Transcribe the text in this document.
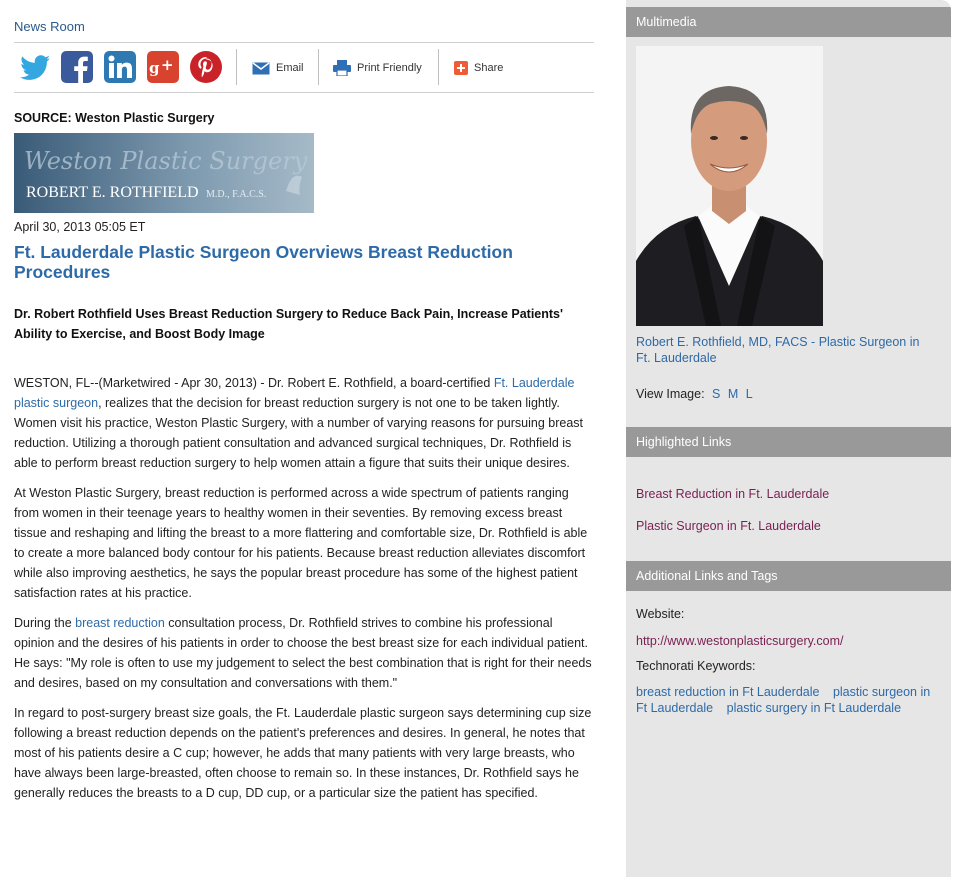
News Room
g +	Email	Print Friendly	Share
SOURCE: Weston Plastic Surgery
Weston Plastic Surgery
ROBERT E. ROTHFIELD M.D., F.A.C.S.
April 30, 2013 05:05 ET
Ft. Lauderdale Plastic Surgeon Overviews Breast Reduction Procedures
Dr. Robert Rothfield Uses Breast Reduction Surgery to Reduce Back Pain, Increase Patients' Ability to Exercise, and Boost Body Image

WESTON, FL--(Marketwired - Apr 30, 2013) - Dr. Robert E. Rothfield, a board-certified Ft. Lauderdale plastic surgeon, realizes that the decision for breast reduction surgery is not one to be taken lightly. Women visit his practice, Weston Plastic Surgery, with a number of varying reasons for pursuing breast reduction. Utilizing a thorough patient consultation and advanced surgical techniques, Dr. Rothfield is able to perform breast reduction surgery to help women attain a figure that suits their unique desires.

At Weston Plastic Surgery, breast reduction is performed across a wide spectrum of patients ranging from women in their teenage years to healthy women in their seventies. By removing excess breast tissue and reshaping and lifting the breast to a more flattering and comfortable size, Dr. Rothfield is able to create a more balanced body contour for his patients. Because breast reduction alleviates discomfort while also improving aesthetics, he says the popular breast procedure has some of the highest patient satisfaction rates at his practice.

During the breast reduction consultation process, Dr. Rothfield strives to combine his professional opinion and the desires of his patients in order to choose the best breast size for each individual patient. He says: "My role is often to use my judgement to select the best combination that is right for their needs and desires, based on my consultation and conversations with them."

In regard to post-surgery breast size goals, the Ft. Lauderdale plastic surgeon says determining cup size following a breast reduction depends on the patient's preferences and desires. In general, he notes that most of his patients desire a C cup; however, he adds that many patients with very large breasts, who have always been large-breasted, often choose to remain so. In these instances, Dr. Rothfield says he generally reduces the breasts to a D cup, DD cup, or a particular size the patient has specified.

Multimedia
Robert E. Rothfield, MD, FACS - Plastic Surgeon in Ft. Lauderdale
View Image: S M L
Highlighted Links
Breast Reduction in Ft. Lauderdale
Plastic Surgeon in Ft. Lauderdale
Additional Links and Tags
Website:
http://www.westonplasticsurgery.com/
Technorati Keywords:
breast reduction in Ft Lauderdale plastic surgeon in Ft Lauderdale plastic surgery in Ft Lauderdale
